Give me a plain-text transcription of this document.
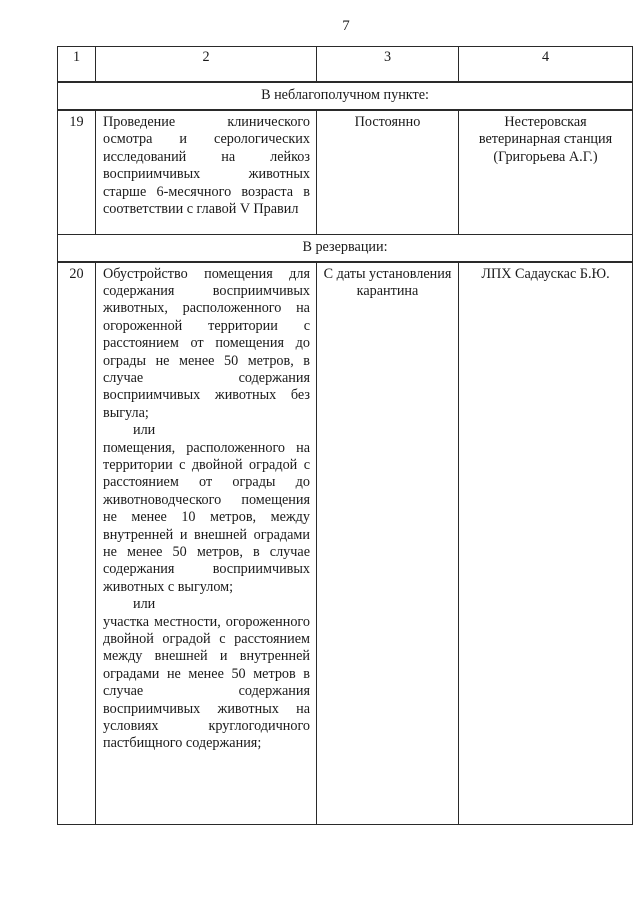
7
1	2	3	4
В неблагополучном пункте:			
19	Проведение клинического осмотра и серологических исследований на лейкоз восприимчивых животных старше 6-месячного возраста в соответствии с главой V Правил	Постоянно	Нестеровская ветеринарная станция (Григорьева А.Г.)
В резервации:			
20	Обустройство помещения для содержания восприимчивых животных, расположенного на огороженной территории с расстоянием от помещения до ограды не менее 50 метров, в случае содержания восприимчивых животных без выгула;

или

помещения, расположенного на территории с двойной оградой с расстоянием от ограды до животноводческого помещения не менее 10 метров, между внутренней и внешней оградами не менее 50 метров, в случае содержания восприимчивых животных с выгулом;

или

участка местности, огороженного двойной оградой с расстоянием между внешней и внутренней оградами не менее 50 метров в случае содержания восприимчивых животных на условиях круглогодичного пастбищного содержания;	С даты установления карантина	ЛПХ Садаускас Б.Ю.
